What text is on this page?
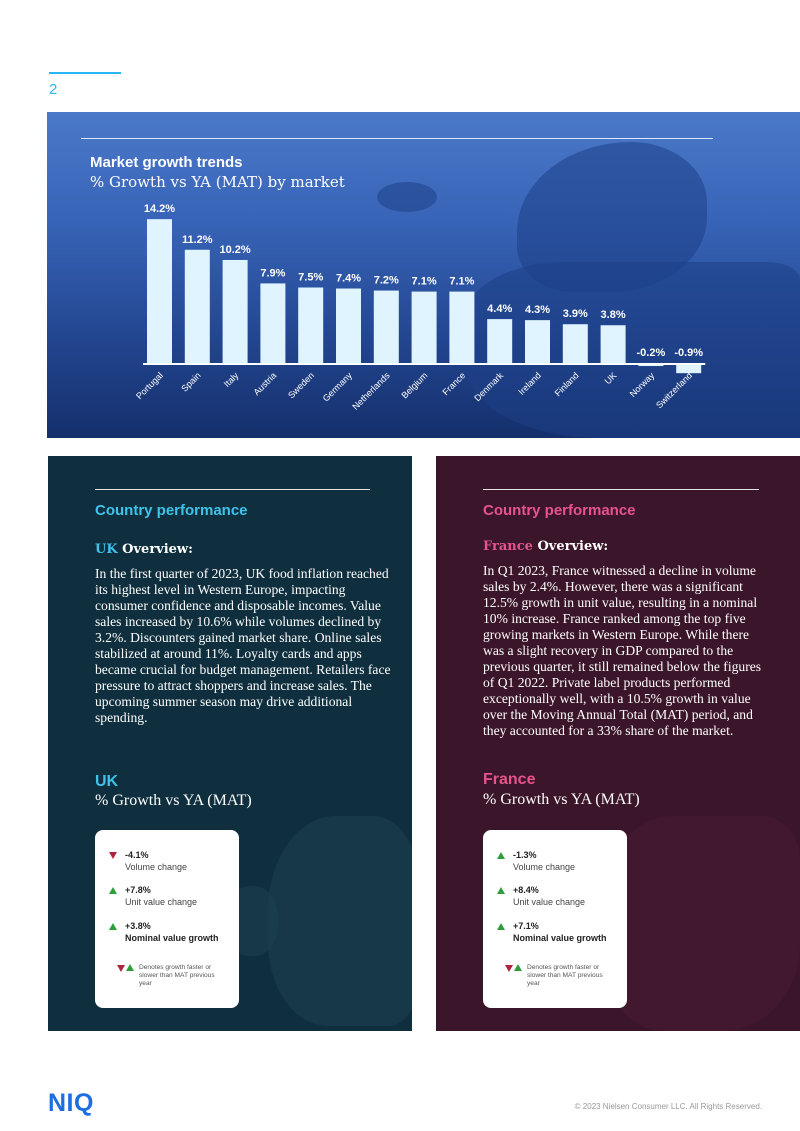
2
Market growth trends
% Growth vs YA (MAT) by market
14.2%
Portugal
11.2%
Spain
10.2%
Italy
7.9%
Austria
7.5%
Sweden
7.4%
Germany
7.2%
Netherlands
7.1%
Belgium
7.1%
France
4.4%
Denmark
4.3%
Ireland
3.9%
Finland
3.8%
UK
-0.2%
Norway
-0.9%
Switzerland
Country performance
UK Overview:
In the first quarter of 2023, UK food inflation reached its highest level in Western Europe, impacting consumer confidence and disposable incomes. Value sales increased by 10.6% while volumes declined by 3.2%. Discounters gained market share. Online sales stabilized at around 11%. Loyalty cards and apps became crucial for budget management. Retailers face pressure to attract shoppers and increase sales. The upcoming summer season may drive additional spending.
UK
% Growth vs YA (MAT)
-4.1%
Volume change
+7.8%
Unit value change
+3.8%
Nominal value growth
Denotes growth faster or slower than MAT previous year
Country performance
France Overview:
In Q1 2023, France witnessed a decline in volume sales by 2.4%. However, there was a significant 12.5% growth in unit value, resulting in a nominal 10% increase. France ranked among the top five growing markets in Western Europe. While there was a slight recovery in GDP compared to the previous quarter, it still remained below the figures of Q1 2022. Private label products performed exceptionally well, with a 10.5% growth in value over the Moving Annual Total (MAT) period, and they accounted for a 33% share of the market.
France
% Growth vs YA (MAT)
-1.3%
Volume change
+8.4%
Unit value change
+7.1%
Nominal value growth
Denotes growth faster or slower than MAT previous year
NIQ	© 2023 Nielsen Consumer LLC. All Rights Reserved.
